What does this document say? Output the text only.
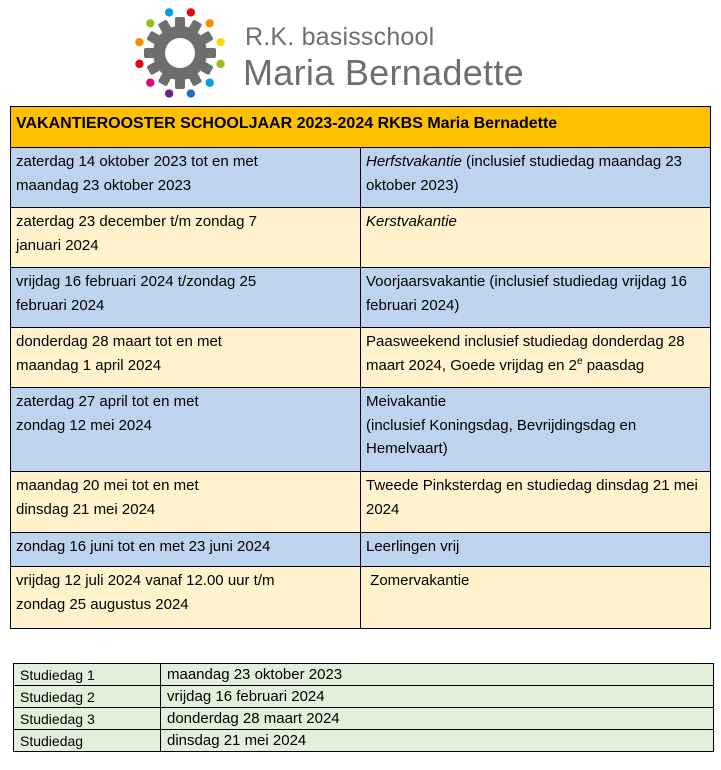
R.K. basisschool
Maria Bernadette
VAKANTIEROOSTER SCHOOLJAAR 2023-2024 RKBS Maria Bernadette	
zaterdag 14 oktober 2023 tot en met
maandag 23 oktober 2023	Herfstvakantie (inclusief studiedag maandag 23 oktober 2023)
zaterdag 23 december t/m zondag 7
januari 2024	Kerstvakantie
vrijdag 16 februari 2024 t/zondag 25
februari 2024	Voorjaarsvakantie (inclusief studiedag vrijdag 16 februari 2024)
donderdag 28 maart tot en met
maandag 1 april 2024	Paasweekend inclusief studiedag donderdag 28 maart 2024, Goede vrijdag en 2e paasdag
zaterdag 27 april tot en met
zondag 12 mei 2024	Meivakantie
(inclusief Koningsdag, Bevrijdingsdag en Hemelvaart)
maandag 20 mei tot en met
dinsdag 21 mei 2024	Tweede Pinksterdag en studiedag dinsdag 21 mei 2024
zondag 16 juni tot en met 23 juni 2024	Leerlingen vrij
vrijdag 12 juli 2024 vanaf 12.00 uur t/m
zondag 25 augustus 2024	Zomervakantie
Studiedag 1	maandag 23 oktober 2023
Studiedag 2	vrijdag 16 februari 2024
Studiedag 3	donderdag 28 maart 2024
Studiedag	dinsdag 21 mei 2024
